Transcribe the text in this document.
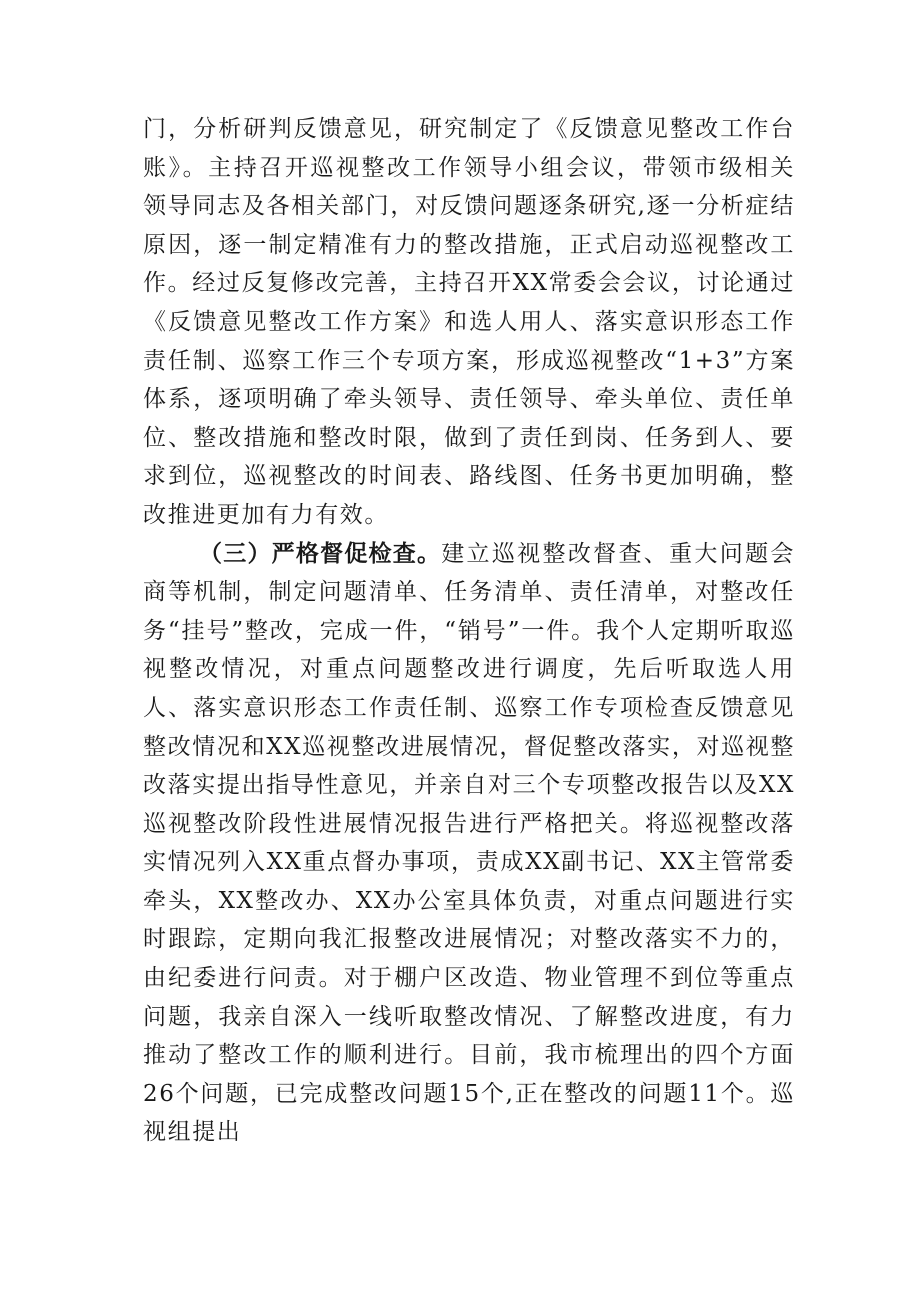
门，分析研判反馈意见，研究制定了《反馈意见整改工作台账》。主持召开巡视整改工作领导小组会议，带领市级相关领导同志及各相关部门，对反馈问题逐条研究,逐一分析症结原因，逐一制定精准有力的整改措施，正式启动巡视整改工作。经过反复修改完善，主持召开XX常委会会议，讨论通过《反馈意见整改工作方案》和选人用人、落实意识形态工作责任制、巡察工作三个专项方案，形成巡视整改“1+3”方案体系，逐项明确了牵头领导、责任领导、牵头单位、责任单位、整改措施和整改时限，做到了责任到岗、任务到人、要求到位，巡视整改的时间表、路线图、任务书更加明确，整改推进更加有力有效。

（三）严格督促检查。建立巡视整改督查、重大问题会商等机制，制定问题清单、任务清单、责任清单，对整改任务“挂号”整改，完成一件，“销号”一件。我个人定期听取巡视整改情况，对重点问题整改进行调度，先后听取选人用人、落实意识形态工作责任制、巡察工作专项检查反馈意见整改情况和XX巡视整改进展情况，督促整改落实，对巡视整改落实提出指导性意见，并亲自对三个专项整改报告以及XX巡视整改阶段性进展情况报告进行严格把关。将巡视整改落实情况列入XX重点督办事项，责成XX副书记、XX主管常委牵头，XX整改办、XX办公室具体负责，对重点问题进行实时跟踪，定期向我汇报整改进展情况；对整改落实不力的，由纪委进行问责。对于棚户区改造、物业管理不到位等重点问题，我亲自深入一线听取整改情况、了解整改进度，有力推动了整改工作的顺利进行。目前，我市梳理出的四个方面26个问题，已完成整改问题15个,正在整改的问题11个。巡视组提出
